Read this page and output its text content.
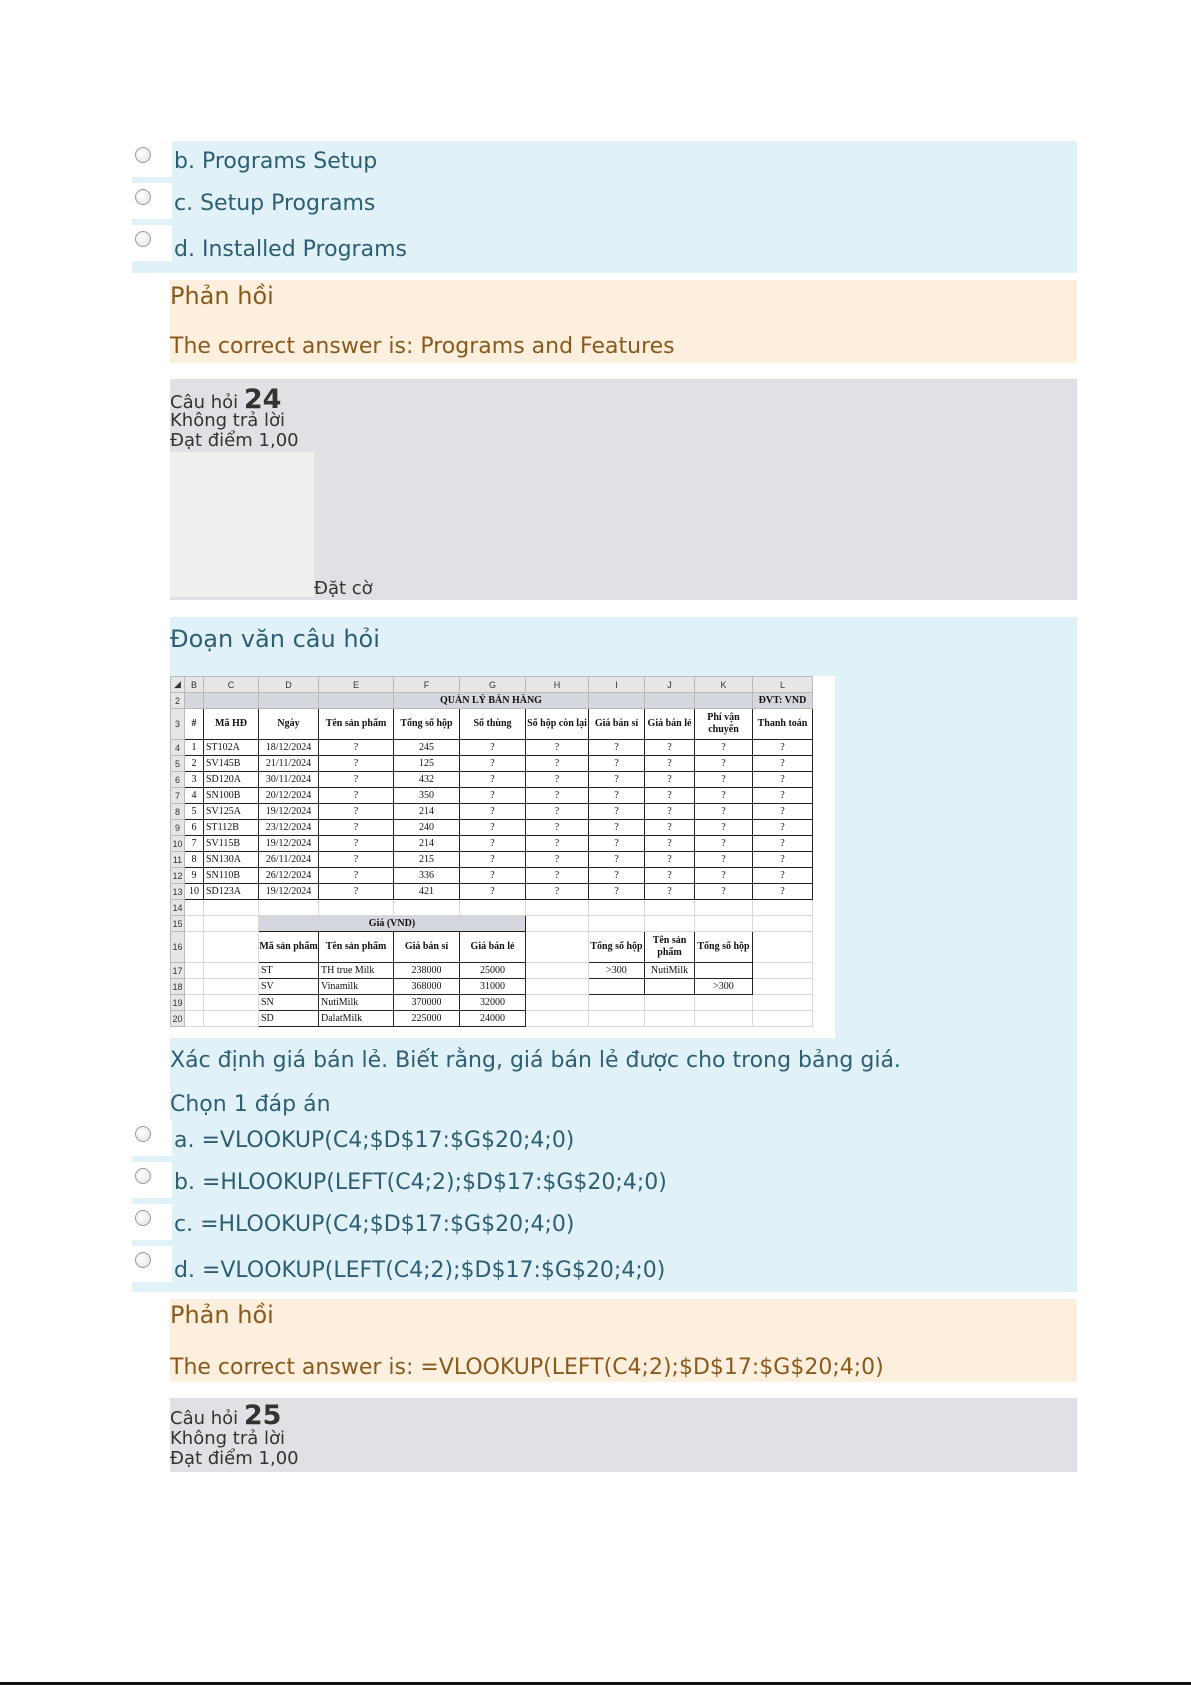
b. Programs Setup
c. Setup Programs
d. Installed Programs
Phản hồi
The correct answer is: Programs and Features
Câu hỏi 24
Không trả lời
Đạt điểm 1,00
Đặt cờ
Đoạn văn câu hỏi
Xác định giá bán lẻ. Biết rằng, giá bán lẻ được cho trong bảng giá.
◢	B	C	D	E	F	G	H	I	J	K	L
2					QUẢN LÝ BÁN HÀNG						ĐVT: VND
3	#	Mã HĐ	Ngày	Tên sản phẩm	Tổng số hộp	Số thùng	Số hộp còn lại	Giá bán sỉ	Giá bán lẻ	Phí vận chuyển	Thanh toán
4	1	ST102A	18/12/2024	?	245	?	?	?	?	?	?
5	2	SV145B	21/11/2024	?	125	?	?	?	?	?	?
6	3	SD120A	30/11/2024	?	432	?	?	?	?	?	?
7	4	SN100B	20/12/2024	?	350	?	?	?	?	?	?
8	5	SV125A	19/12/2024	?	214	?	?	?	?	?	?
9	6	ST112B	23/12/2024	?	240	?	?	?	?	?	?
10	7	SV115B	19/12/2024	?	214	?	?	?	?	?	?
11	8	SN130A	26/11/2024	?	215	?	?	?	?	?	?
12	9	SN110B	26/12/2024	?	336	?	?	?	?	?	?
13	10	SD123A	19/12/2024	?	421	?	?	?	?	?	?
14											
15			Giá (VND)								
16			Mã sản phẩm	Tên sản phẩm	Giá bán sỉ	Giá bán lẻ		Tổng số hộp	Tên sản phẩm	Tổng số hộp	
17			ST	TH true Milk	238000	25000		>300	NutiMilk		
18			SV	Vinamilk	368000	31000				>300	
19			SN	NutiMilk	370000	32000					
20			SD	DalatMilk	225000	24000					
Chọn 1 đáp án
a. =VLOOKUP(C4;$D$17:$G$20;4;0)
b. =HLOOKUP(LEFT(C4;2);$D$17:$G$20;4;0)
c. =HLOOKUP(C4;$D$17:$G$20;4;0)
d. =VLOOKUP(LEFT(C4;2);$D$17:$G$20;4;0)
Phản hồi
The correct answer is: =VLOOKUP(LEFT(C4;2);$D$17:$G$20;4;0)
Câu hỏi 25
Không trả lời
Đạt điểm 1,00
